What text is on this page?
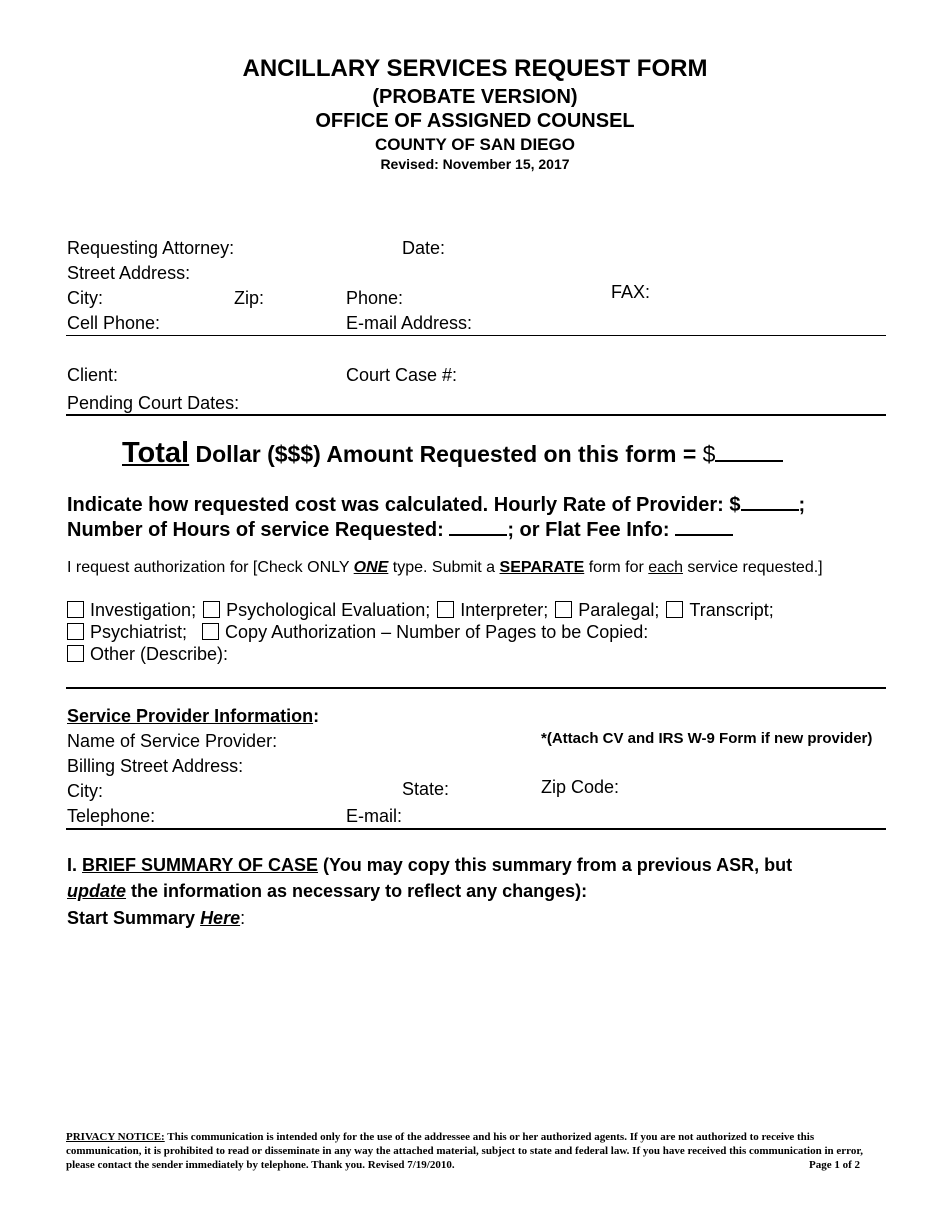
ANCILLARY SERVICES REQUEST FORM
(PROBATE VERSION)
OFFICE OF ASSIGNED COUNSEL
COUNTY OF SAN DIEGO
Revised: November 15, 2017
Requesting Attorney:	Date:
Street Address:
City:	Zip:	Phone:	FAX:
Cell Phone:	E-mail Address:
Client:	Court Case #:
Pending Court Dates:
Total Dollar ($$$) Amount Requested on this form = $
Indicate how requested cost was calculated. Hourly Rate of Provider: $	;
Number of Hours of service Requested:	; or Flat Fee Info:
I request authorization for [Check ONLY ONE type. Submit a SEPARATE form for each service requested.]
Investigation; Psychological Evaluation; Interpreter; Paralegal; Transcript;
Psychiatrist; Copy Authorization – Number of Pages to be Copied:
Other (Describe):
Service Provider Information:
Name of Service Provider:	*(Attach CV and IRS W-9 Form if new provider)
Billing Street Address:
City:	State:	Zip Code:
Telephone:	E-mail:
I. BRIEF SUMMARY OF CASE (You may copy this summary from a previous ASR, but
update the information as necessary to reflect any changes):
Start Summary Here:
PRIVACY NOTICE: This communication is intended only for the use of the addressee and his or her authorized agents. If you are not authorized to receive this communication, it is prohibited to read or disseminate in any way the attached material, subject to state and federal law. If you have received this communication in error, please contact the sender immediately by telephone. Thank you. Revised 7/19/2010.	Page 1 of 2
